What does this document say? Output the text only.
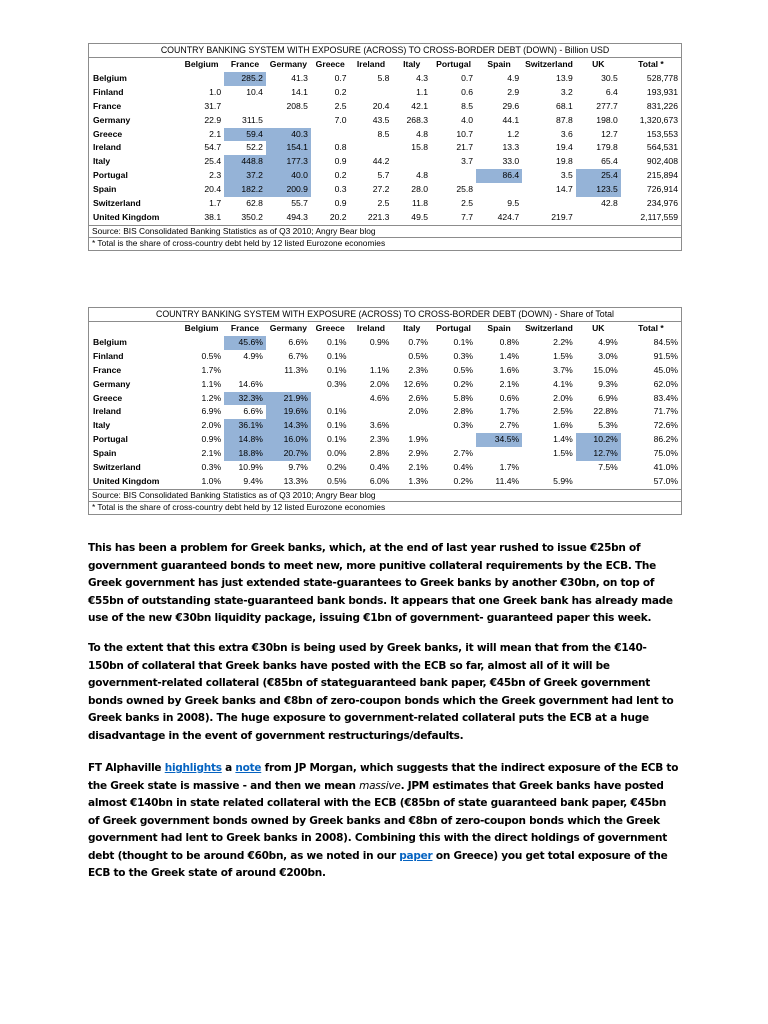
COUNTRY BANKING SYSTEM WITH EXPOSURE (ACROSS) TO CROSS-BORDER DEBT (DOWN) - Billion USD											
	Belgium	France	Germany	Greece	Ireland	Italy	Portugal	Spain	Switzerland	UK	Total *
Belgium		285.2	41.3	0.7	5.8	4.3	0.7	4.9	13.9	30.5	528,778
Finland	1.0	10.4	14.1	0.2		1.1	0.6	2.9	3.2	6.4	193,931
France	31.7		208.5	2.5	20.4	42.1	8.5	29.6	68.1	277.7	831,226
Germany	22.9	311.5		7.0	43.5	268.3	4.0	44.1	87.8	198.0	1,320,673
Greece	2.1	59.4	40.3		8.5	4.8	10.7	1.2	3.6	12.7	153,553
Ireland	54.7	52.2	154.1	0.8		15.8	21.7	13.3	19.4	179.8	564,531
Italy	25.4	448.8	177.3	0.9	44.2		3.7	33.0	19.8	65.4	902,408
Portugal	2.3	37.2	40.0	0.2	5.7	4.8		86.4	3.5	25.4	215,894
Spain	20.4	182.2	200.9	0.3	27.2	28.0	25.8		14.7	123.5	726,914
Switzerland	1.7	62.8	55.7	0.9	2.5	11.8	2.5	9.5		42.8	234,976
United Kingdom	38.1	350.2	494.3	20.2	221.3	49.5	7.7	424.7	219.7		2,117,559
Source: BIS Consolidated Banking Statistics as of Q3 2010; Angry Bear blog
* Total is the share of cross-country debt held by 12 listed Eurozone economies
COUNTRY BANKING SYSTEM WITH EXPOSURE (ACROSS) TO CROSS-BORDER DEBT (DOWN) - Share of Total											
	Belgium	France	Germany	Greece	Ireland	Italy	Portugal	Spain	Switzerland	UK	Total *
Belgium		45.6%	6.6%	0.1%	0.9%	0.7%	0.1%	0.8%	2.2%	4.9%	84.5%
Finland	0.5%	4.9%	6.7%	0.1%		0.5%	0.3%	1.4%	1.5%	3.0%	91.5%
France	1.7%		11.3%	0.1%	1.1%	2.3%	0.5%	1.6%	3.7%	15.0%	45.0%
Germany	1.1%	14.6%		0.3%	2.0%	12.6%	0.2%	2.1%	4.1%	9.3%	62.0%
Greece	1.2%	32.3%	21.9%		4.6%	2.6%	5.8%	0.6%	2.0%	6.9%	83.4%
Ireland	6.9%	6.6%	19.6%	0.1%		2.0%	2.8%	1.7%	2.5%	22.8%	71.7%
Italy	2.0%	36.1%	14.3%	0.1%	3.6%		0.3%	2.7%	1.6%	5.3%	72.6%
Portugal	0.9%	14.8%	16.0%	0.1%	2.3%	1.9%		34.5%	1.4%	10.2%	86.2%
Spain	2.1%	18.8%	20.7%	0.0%	2.8%	2.9%	2.7%		1.5%	12.7%	75.0%
Switzerland	0.3%	10.9%	9.7%	0.2%	0.4%	2.1%	0.4%	1.7%		7.5%	41.0%
United Kingdom	1.0%	9.4%	13.3%	0.5%	6.0%	1.3%	0.2%	11.4%	5.9%		57.0%
Source: BIS Consolidated Banking Statistics as of Q3 2010; Angry Bear blog
* Total is the share of cross-country debt held by 12 listed Eurozone economies

This has been a problem for Greek banks, which, at the end of last year rushed to issue €25bn of government guaranteed bonds to meet new, more punitive collateral requirements by the ECB. The Greek government has just extended state-guarantees to Greek banks by another €30bn, on top of €55bn of outstanding state-guaranteed bank bonds. It appears that one Greek bank has already made use of the new €30bn liquidity package, issuing €1bn of government- guaranteed paper this week.

To the extent that this extra €30bn is being used by Greek banks, it will mean that from the €140-150bn of collateral that Greek banks have posted with the ECB so far, almost all of it will be government-related collateral (€85bn of stateguaranteed bank paper, €45bn of Greek government bonds owned by Greek banks and €8bn of zero-coupon bonds which the Greek government had lent to Greek banks in 2008). The huge exposure to government-related collateral puts the ECB at a huge disadvantage in the event of government restructurings/defaults.

FT Alphaville highlights a note from JP Morgan, which suggests that the indirect exposure of the ECB to the Greek state is massive - and then we mean massive. JPM estimates that Greek banks have posted almost €140bn in state related collateral with the ECB (€85bn of state guaranteed bank paper, €45bn of Greek government bonds owned by Greek banks and €8bn of zero-coupon bonds which the Greek government had lent to Greek banks in 2008). Combining this with the direct holdings of government debt (thought to be around €60bn, as we noted in our paper on Greece) you get total exposure of the ECB to the Greek state of around €200bn.
